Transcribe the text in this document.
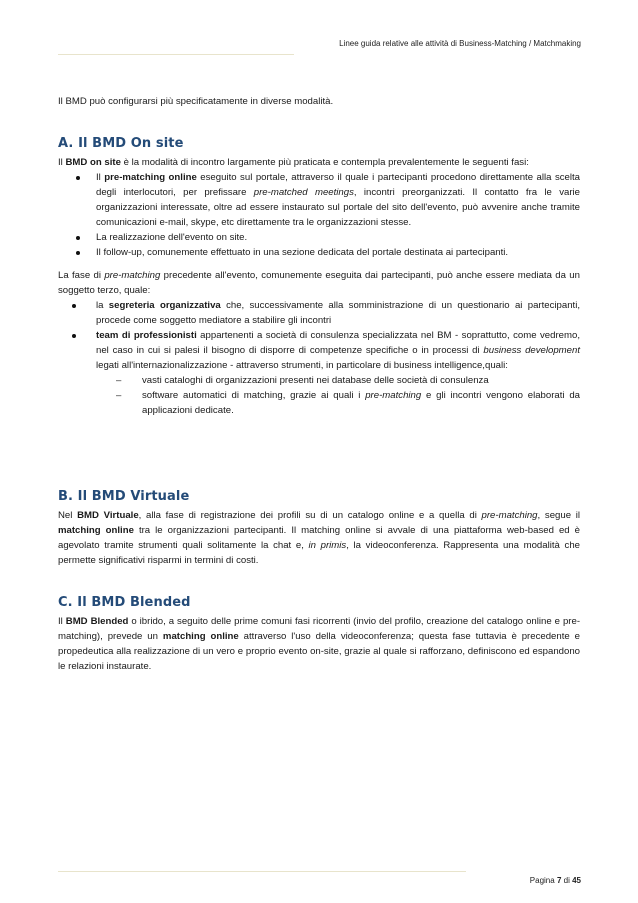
Linee guida relative alle attività di Business-Matching / Matchmaking

Il BMD può configurarsi più specificatamente in diverse modalità.

A. Il BMD On site

Il BMD on site è la modalità di incontro largamente più praticata e contempla prevalentemente le seguenti fasi:

Il pre-matching online eseguito sul portale, attraverso il quale i partecipanti procedono direttamente alla scelta degli interlocutori, per prefissare pre-matched meetings, incontri preorganizzati. Il contatto fra le varie organizzazioni interessate, oltre ad essere instaurato sul portale del sito dell'evento, può avvenire anche tramite comunicazioni e-mail, skype, etc direttamente tra le organizzazioni stesse.
La realizzazione dell'evento on site.
Il follow-up, comunemente effettuato in una sezione dedicata del portale destinata ai partecipanti.

La fase di pre-matching precedente all'evento, comunemente eseguita dai partecipanti, può anche essere mediata da un soggetto terzo, quale:

la segreteria organizzativa che, successivamente alla somministrazione di un questionario ai partecipanti, procede come soggetto mediatore a stabilire gli incontri
team di professionisti appartenenti a società di consulenza specializzata nel BM - soprattutto, come vedremo, nel caso in cui si palesi il bisogno di disporre di competenze specifiche o in processi di business development legati all'internazionalizzazione - attraverso strumenti, in particolare di business intelligence,quali:
– vasti cataloghi di organizzazioni presenti nei database delle società di consulenza
– software automatici di matching, grazie ai quali i pre-matching e gli incontri vengono elaborati da applicazioni dedicate.
B. Il BMD Virtuale

Nel BMD Virtuale, alla fase di registrazione dei profili su di un catalogo online e a quella di pre-matching, segue il matching online tra le organizzazioni partecipanti. Il matching online si avvale di una piattaforma web-based ed è agevolato tramite strumenti quali solitamente la chat e, in primis, la videoconferenza. Rappresenta una modalità che permette significativi risparmi in termini di costi.

C. Il BMD Blended

Il BMD Blended o ibrido, a seguito delle prime comuni fasi ricorrenti (invio del profilo, creazione del catalogo online e pre-matching), prevede un matching online attraverso l'uso della videoconferenza; questa fase tuttavia è precedente e propedeutica alla realizzazione di un vero e proprio evento on-site, grazie al quale si rafforzano, definiscono ed espandono le relazioni instaurate.

Pagina 7 di 45
